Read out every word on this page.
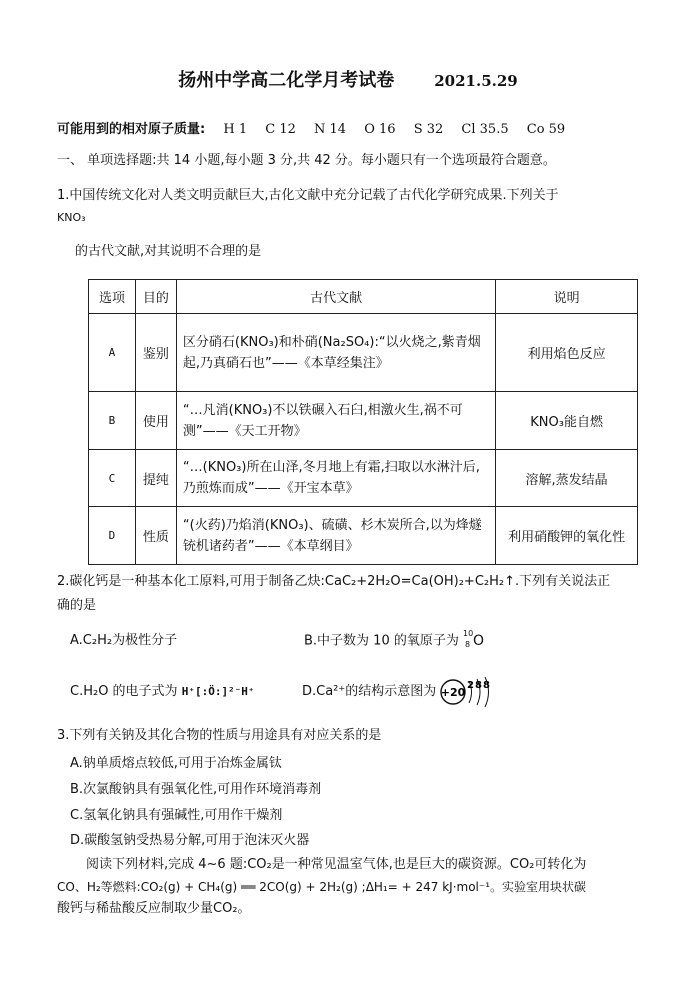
扬州中学高二化学月考试卷	2021.5.29
可能用到的相对原子质量: H 1 C 12 N 14 O 16 S 32 Cl 35.5 Co 59
一、 单项选择题:共 14 小题,每小题 3 分,共 42 分。每小题只有一个选项最符合题意。
1.中国传统文化对人类文明贡献巨大,古化文献中充分记载了古代化学研究成果.下列关于
KNO₃
的古代文献,对其说明不合理的是
选项	目的	古代文献	说明
A	鉴别	区分硝石(KNO₃)和朴硝(Na₂SO₄):“以火烧之,紫青烟起,乃真硝石也”——《本草经集注》	利用焰色反应
B	使用	“…凡消(KNO₃)不以铁碾入石臼,相激火生,祸不可测”——《天工开物》	KNO₃能自燃
C	提纯	“…(KNO₃)所在山泽,冬月地上有霜,扫取以水淋汁后,乃煎炼而成”——《开宝本草》	溶解,蒸发结晶
D	性质	“(火药)乃焰消(KNO₃)、硫磺、杉木炭所合,以为烽燧铳机诸药者”——《本草纲目》	利用硝酸钾的氧化性
2.碳化钙是一种基本化工原料,可用于制备乙炔:CaC₂+2H₂O=Ca(OH)₂+C₂H₂↑.下列有关说法正
确的是
A.C₂H₂为极性分子	B.中子数为 10 的氧原子为 10
8 O
C.H₂O 的电子式为 H⁺[:Ö:]²⁻H⁺	D.Ca²⁺的结构示意图为 +20
2 8 8
3.下列有关钠及其化合物的性质与用途具有对应关系的是
A.钠单质熔点较低,可用于冶炼金属钛
B.次氯酸钠具有强氧化性,可用作环境消毒剂
C.氢氧化钠具有强碱性,可用作干燥剂
D.碳酸氢钠受热易分解,可用于泡沫灭火器
阅读下列材料,完成 4~6 题:CO₂是一种常见温室气体,也是巨大的碳资源。CO₂可转化为
CO、H₂等燃料:CO₂(g) + CH₄(g) ══ 2CO(g) + 2H₂(g) ;ΔH₁= + 247 kJ·mol⁻¹。实验室用块状碳
酸钙与稀盐酸反应制取少量CO₂。
